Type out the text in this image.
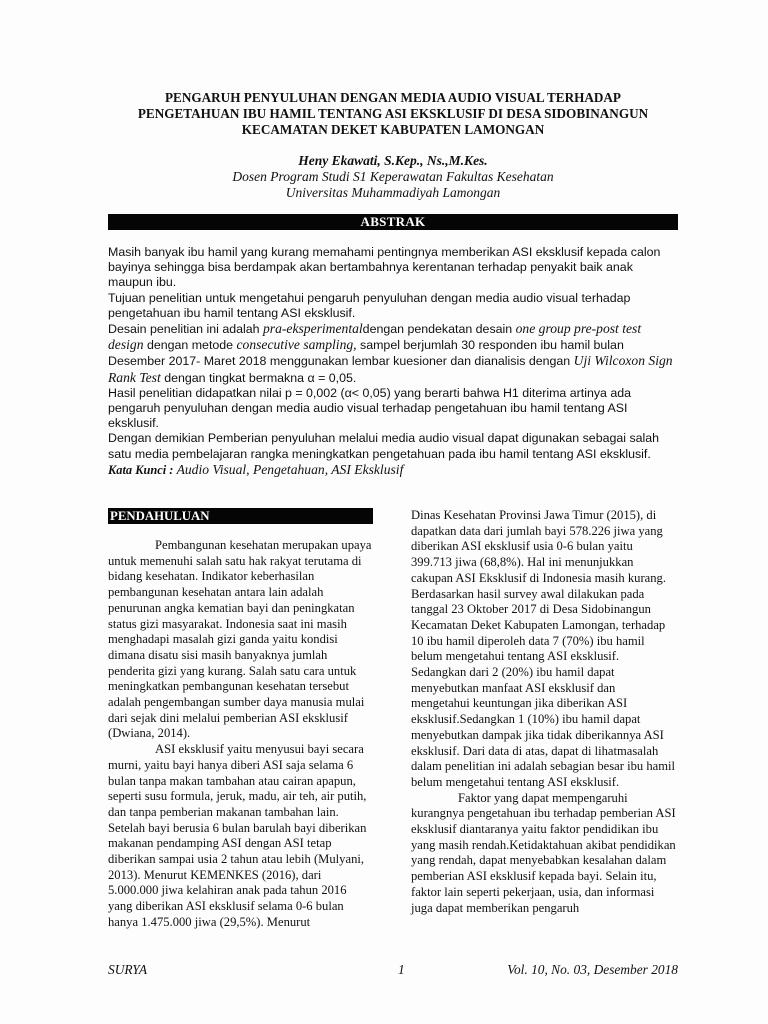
PENGARUH PENYULUHAN DENGAN MEDIA AUDIO VISUAL TERHADAP
PENGETAHUAN IBU HAMIL TENTANG ASI EKSKLUSIF DI DESA SIDOBINANGUN
KECAMATAN DEKET KABUPATEN LAMONGAN
Heny Ekawati, S.Kep., Ns.,M.Kes.
Dosen Program Studi S1 Keperawatan Fakultas Kesehatan
Universitas Muhammadiyah Lamongan
ABSTRAK

Masih banyak ibu hamil yang kurang memahami pentingnya memberikan ASI eksklusif kepada calon bayinya sehingga bisa berdampak akan bertambahnya kerentanan terhadap penyakit baik anak maupun ibu.

Tujuan penelitian untuk mengetahui pengaruh penyuluhan dengan media audio visual terhadap pengetahuan ibu hamil tentang ASI eksklusif.

Desain penelitian ini adalah pra-eksperimentaldengan pendekatan desain one group pre-post test design dengan metode consecutive sampling, sampel berjumlah 30 responden ibu hamil bulan Desember 2017- Maret 2018 menggunakan lembar kuesioner dan dianalisis dengan Uji Wilcoxon Sign Rank Test dengan tingkat bermakna α = 0,05.

Hasil penelitian didapatkan nilai p = 0,002 (α< 0,05) yang berarti bahwa H1 diterima artinya ada pengaruh penyuluhan dengan media audio visual terhadap pengetahuan ibu hamil tentang ASI eksklusif.

Dengan demikian Pemberian penyuluhan melalui media audio visual dapat digunakan sebagai salah satu media pembelajaran rangka meningkatkan pengetahuan pada ibu hamil tentang ASI eksklusif.

Kata Kunci : Audio Visual, Pengetahuan, ASI Eksklusif

PENDAHULUAN

Pembangunan kesehatan merupakan upaya untuk memenuhi salah satu hak rakyat terutama di bidang kesehatan. Indikator keberhasilan pembangunan kesehatan antara lain adalah penurunan angka kematian bayi dan peningkatan status gizi masyarakat. Indonesia saat ini masih menghadapi masalah gizi ganda yaitu kondisi dimana disatu sisi masih banyaknya jumlah penderita gizi yang kurang. Salah satu cara untuk meningkatkan pembangunan kesehatan tersebut adalah pengembangan sumber daya manusia mulai dari sejak dini melalui pemberian ASI eksklusif (Dwiana, 2014).

ASI eksklusif yaitu menyusui bayi secara murni, yaitu bayi hanya diberi ASI saja selama 6 bulan tanpa makan tambahan atau cairan apapun, seperti susu formula, jeruk, madu, air teh, air putih, dan tanpa pemberian makanan tambahan lain. Setelah bayi berusia 6 bulan barulah bayi diberikan makanan pendamping ASI dengan ASI tetap diberikan sampai usia 2 tahun atau lebih (Mulyani, 2013). Menurut KEMENKES (2016), dari 5.000.000 jiwa kelahiran anak pada tahun 2016 yang diberikan ASI eksklusif selama 0-6 bulan hanya 1.475.000 jiwa (29,5%). Menurut

Dinas Kesehatan Provinsi Jawa Timur (2015), di dapatkan data dari jumlah bayi 578.226 jiwa yang diberikan ASI eksklusif usia 0-6 bulan yaitu 399.713 jiwa (68,8%). Hal ini menunjukkan cakupan ASI Eksklusif di Indonesia masih kurang. Berdasarkan hasil survey awal dilakukan pada tanggal 23 Oktober 2017 di Desa Sidobinangun Kecamatan Deket Kabupaten Lamongan, terhadap 10 ibu hamil diperoleh data 7 (70%) ibu hamil belum mengetahui tentang ASI eksklusif. Sedangkan dari 2 (20%) ibu hamil dapat menyebutkan manfaat ASI eksklusif dan mengetahui keuntungan jika diberikan ASI eksklusif.Sedangkan 1 (10%) ibu hamil dapat menyebutkan dampak jika tidak diberikannya ASI eksklusif. Dari data di atas, dapat di lihatmasalah dalam penelitian ini adalah sebagian besar ibu hamil belum mengetahui tentang ASI eksklusif.

Faktor yang dapat mempengaruhi kurangnya pengetahuan ibu terhadap pemberian ASI eksklusif diantaranya yaitu faktor pendidikan ibu yang masih rendah.Ketidaktahuan akibat pendidikan yang rendah, dapat menyebabkan kesalahan dalam pemberian ASI eksklusif kepada bayi. Selain itu, faktor lain seperti pekerjaan, usia, dan informasi juga dapat memberikan pengaruh

SURYA	1	Vol. 10, No. 03, Desember 2018
